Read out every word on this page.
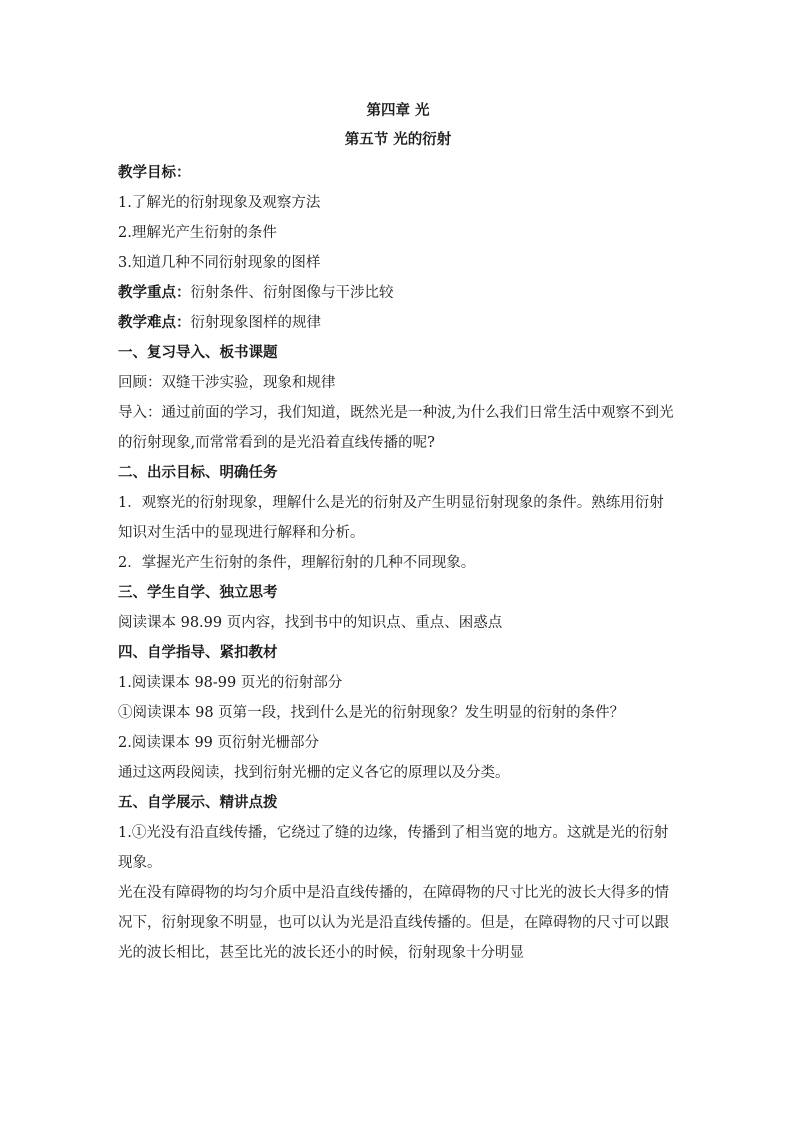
第四章 光
第五节 光的衍射
教学目标：
1.了解光的衍射现象及观察方法
2.理解光产生衍射的条件
3.知道几种不同衍射现象的图样
教学重点：衍射条件、衍射图像与干涉比较
教学难点：衍射现象图样的规律
一、复习导入、板书课题
回顾：双缝干涉实验，现象和规律
导入：通过前面的学习，我们知道，既然光是一种波,为什么我们日常生活中观察不到光的衍射现象,而常常看到的是光沿着直线传播的呢?
二、出示目标、明确任务
1．观察光的衍射现象，理解什么是光的衍射及产生明显衍射现象的条件。熟练用衍射知识对生活中的显现进行解释和分析。
2．掌握光产生衍射的条件，理解衍射的几种不同现象。
三、学生自学、独立思考
阅读课本 98.99 页内容，找到书中的知识点、重点、困惑点
四、自学指导、紧扣教材
1.阅读课本 98-99 页光的衍射部分
①阅读课本 98 页第一段，找到什么是光的衍射现象？发生明显的衍射的条件？
2.阅读课本 99 页衍射光栅部分
通过这两段阅读，找到衍射光栅的定义各它的原理以及分类。
五、自学展示、精讲点拨
1.①光没有沿直线传播，它绕过了缝的边缘，传播到了相当宽的地方。这就是光的衍射现象。
光在没有障碍物的均匀介质中是沿直线传播的，在障碍物的尺寸比光的波长大得多的情况下，衍射现象不明显，也可以认为光是沿直线传播的。但是，在障碍物的尺寸可以跟光的波长相比，甚至比光的波长还小的时候，衍射现象十分明显
